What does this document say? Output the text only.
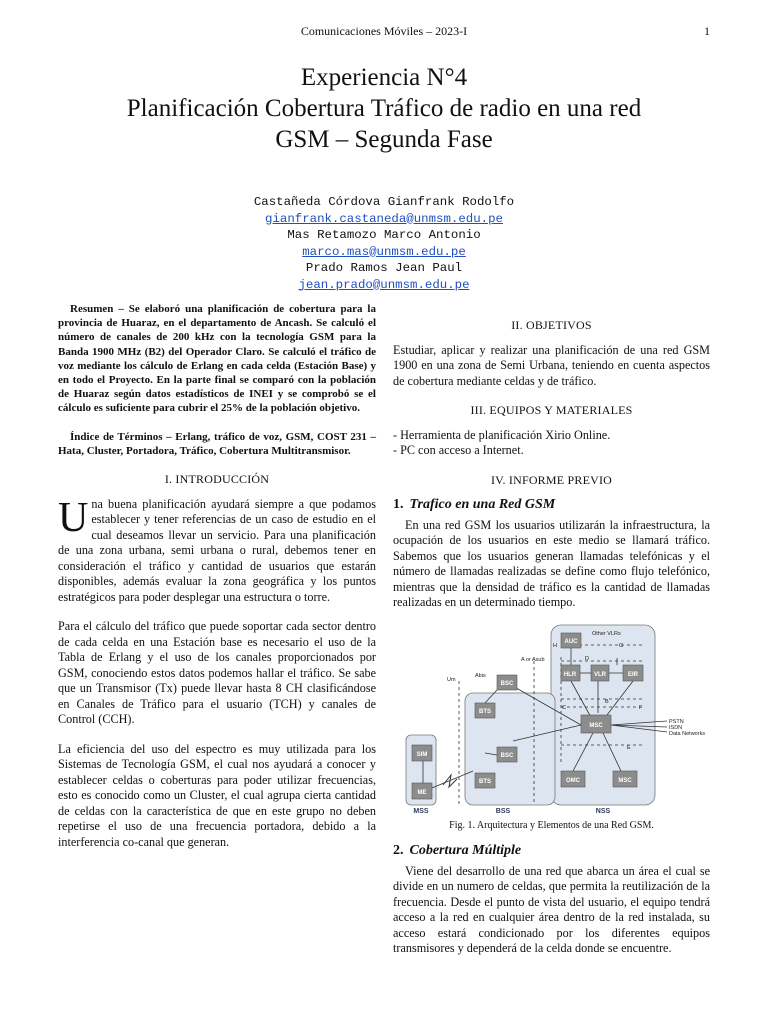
Comunicaciones Móviles – 2023-I	1
Experiencia N°4
Planificación Cobertura Tráfico de radio en una red
GSM – Segunda Fase
Castañeda Córdova Gianfrank Rodolfo
gianfrank.castaneda@unmsm.edu.pe
Mas Retamozo Marco Antonio
marco.mas@unmsm.edu.pe
Prado Ramos Jean Paul
jean.prado@unmsm.edu.pe

Resumen – Se elaboró una planificación de cobertura para la provincia de Huaraz, en el departamento de Ancash. Se calculó el número de canales de 200 kHz con la tecnología GSM para la Banda 1900 MHz (B2) del Operador Claro. Se calculó el tráfico de voz mediante los cálculo de Erlang en cada celda (Estación Base) y en todo el Proyecto. En la parte final se comparó con la población de Huaraz según datos estadísticos de INEI y se comprobó se el cálculo es suficiente para cubrir el 25% de la población objetivo.

Índice de Términos – Erlang, tráfico de voz, GSM, COST 231 – Hata, Cluster, Portadora, Tráfico, Cobertura Multitransmisor.

I. INTRODUCCIÓN

Una buena planificación ayudará siempre a que podamos establecer y tener referencias de un caso de estudio en el cual deseamos llevar un servicio. Para una planificación de una zona urbana, semi urbana o rural, debemos tener en consideración el tráfico y cantidad de usuarios que estarán disponibles, además evaluar la zona geográfica y los puntos estratégicos para poder desplegar una estructura o torre.

Para el cálculo del tráfico que puede soportar cada sector dentro de cada celda en una Estación base es necesario el uso de la Tabla de Erlang y el uso de los canales proporcionados por GSM, conociendo estos datos podemos hallar el tráfico. Se sabe que un Transmisor (Tx) puede llevar hasta 8 CH clasificándose en Canales de Tráfico para el usuario (TCH) y canales de Control (CCH).

La eficiencia del uso del espectro es muy utilizada para los Sistemas de Tecnología GSM, el cual nos ayudará a conocer y establecer celdas o coberturas para poder utilizar frecuencias, esto es conocido como un Cluster, el cual agrupa cierta cantidad de celdas con la característica de que en este grupo no deben repetirse el uso de una frecuencia portadora, debido a la interferencia co-canal que generan.

II. OBJETIVOS

Estudiar, aplicar y realizar una planificación de una red GSM 1900 en una zona de Semi Urbana, teniendo en cuenta aspectos de cobertura mediante celdas y de tráfico.

III. EQUIPOS Y MATERIALES
- Herramienta de planificación Xirio Online.
- PC con acceso a Internet.
IV. INFORME PREVIO
1. Trafico en una Red GSM

En una red GSM los usuarios utilizarán la infraestructura, la ocupación de los usuarios en este medio se llamará tráfico. Sabemos que los usuarios generan llamadas telefónicas y el número de llamadas realizadas se define como flujo telefónico, mientras que la densidad de tráfico es la cantidad de llamadas realizadas en un determinado tiempo.

AUC
HLR	VLR	EIR
MSC
BSC
BTS
BSC
BTS	OMC	MSC
SIM
ME
Other VLRs
H	G
D
B
C	F
A or Asub
Um
Abis
PSTN
ISDN
Data Networks
E
MSS	BSS	NSS
Fig. 1. Arquitectura y Elementos de una Red GSM.
2. Cobertura Múltiple

Viene del desarrollo de una red que abarca un área el cual se divide en un numero de celdas, que permita la reutilización de la frecuencia. Desde el punto de vista del usuario, el equipo tendrá acceso a la red en cualquier área dentro de la red instalada, su acceso estará condicionado por los diferentes equipos transmisores y dependerá de la celda donde se encuentre.
